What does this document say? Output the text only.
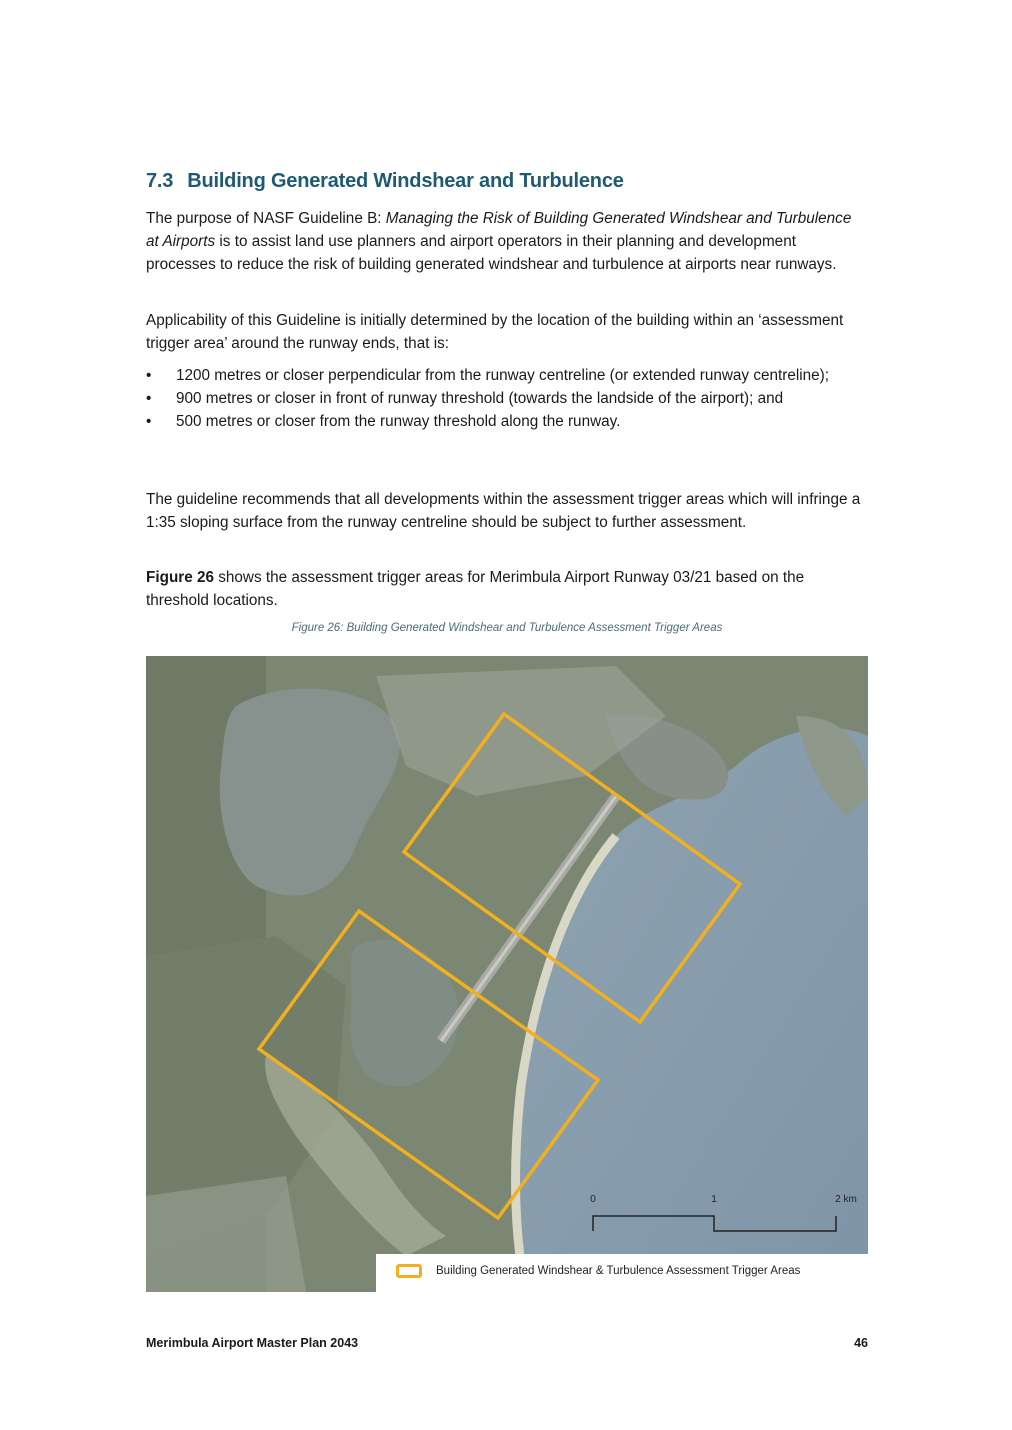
7.3 Building Generated Windshear and Turbulence

The purpose of NASF Guideline B: Managing the Risk of Building Generated Windshear and Turbulence at Airports is to assist land use planners and airport operators in their planning and development processes to reduce the risk of building generated windshear and turbulence at airports near runways.

Applicability of this Guideline is initially determined by the location of the building within an ‘assessment trigger area’ around the runway ends, that is:

• 1200 metres or closer perpendicular from the runway centreline (or extended runway centreline);
• 900 metres or closer in front of runway threshold (towards the landside of the airport); and
• 500 metres or closer from the runway threshold along the runway.

The guideline recommends that all developments within the assessment trigger areas which will infringe a 1:35 sloping surface from the runway centreline should be subject to further assessment.

Figure 26 shows the assessment trigger areas for Merimbula Airport Runway 03/21 based on the threshold locations.

Figure 26: Building Generated Windshear and Turbulence Assessment Trigger Areas

0	1	2 km
Building Generated Windshear & Turbulence Assessment Trigger Areas
Merimbula Airport Master Plan 2043	46
